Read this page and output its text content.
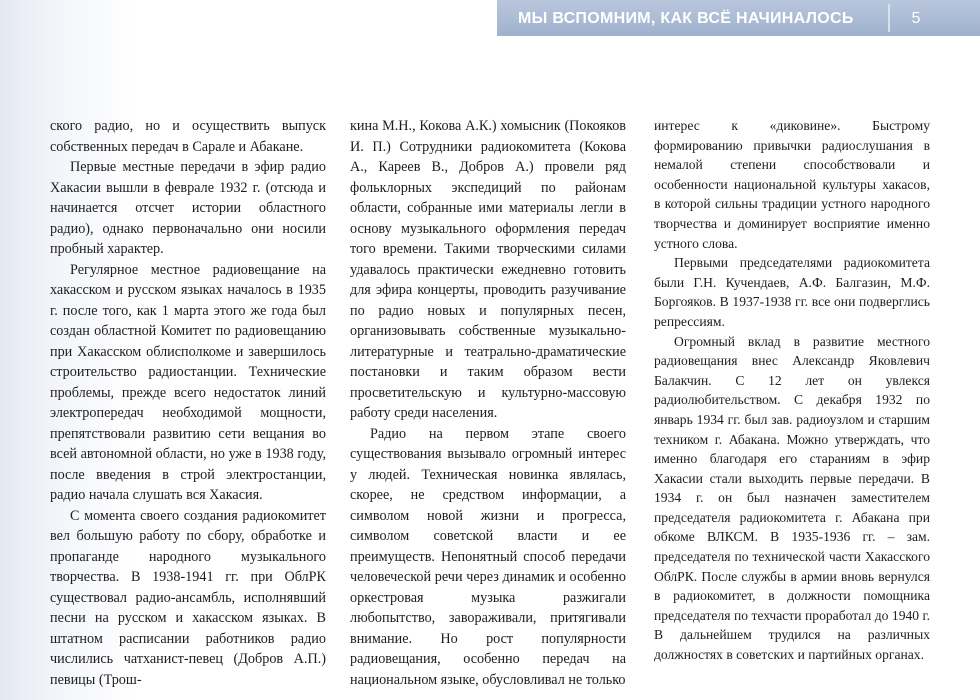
МЫ ВСПОМНИМ, КАК ВСЁ НАЧИНАЛОСЬ	5

ского радио, но и осуществить выпуск собственных передач в Сарале и Абакане.

Первые местные передачи в эфир радио Хакасии вышли в феврале 1932 г. (отсюда и начинается отсчет истории областного радио), однако первоначально они носили пробный характер.

Регулярное местное радиовещание на хакасском и русском языках началось в 1935 г. после того, как 1 марта этого же года был создан областной Комитет по радиовещанию при Хакасском облисполкоме и завершилось строительство радиостанции. Технические проблемы, прежде всего недостаток линий электропередач необходимой мощности, препятствовали развитию сети вещания во всей автономной области, но уже в 1938 году, после введения в строй электростанции, радио начала слушать вся Хакасия.

С момента своего создания радиокомитет вел большую работу по сбору, обработке и пропаганде народного музыкального творчества. В 1938-1941 гг. при ОблРК существовал радио-ансамбль, исполнявший песни на русском и хакасском языках. В штатном расписании работников радио числились чатханист-певец (Добров А.П.) певицы (Трош-

кина М.Н., Кокова А.К.) хомысник (Покояков И. П.) Сотрудники радиокомитета (Кокова А., Кареев В., Добров А.) провели ряд фольклорных экспедиций по районам области, собранные ими материалы легли в основу музыкального оформления передач того времени. Такими творческими силами удавалось практически ежедневно готовить для эфира концерты, проводить разучивание по радио новых и популярных песен, организовывать собственные музыкально-литературные и театрально-драматические постановки и таким образом вести просветительскую и культурно-массовую работу среди населения.

Радио на первом этапе своего существования вызывало огромный интерес у людей. Техническая новинка являлась, скорее, не средством информации, а символом новой жизни и прогресса, символом советской власти и ее преимуществ. Непонятный способ передачи человеческой речи через динамик и особенно оркестровая музыка разжигали любопытство, завораживали, притягивали внимание. Но рост популярности радиовещания, особенно передач на национальном языке, обусловливал не только

интерес к «диковине». Быстрому формированию привычки радиослушания в немалой степени способствовали и особенности национальной культуры хакасов, в которой сильны традиции устного народного творчества и доминирует восприятие именно устного слова.

Первыми председателями радиокомитета были Г.Н. Кучендаев, А.Ф. Балгазин, М.Ф. Боргояков. В 1937-1938 гг. все они подверглись репрессиям.

Огромный вклад в развитие местного радиовещания внес Александр Яковлевич Балакчин. С 12 лет он увлекся радиолюбительством. С декабря 1932 по январь 1934 гг. был зав. радиоузлом и старшим техником г. Абакана. Можно утверждать, что именно благодаря его стараниям в эфир Хакасии стали выходить первые передачи. В 1934 г. он был назначен заместителем председателя радиокомитета г. Абакана при обкоме ВЛКСМ. В 1935-1936 гг. – зам. председателя по технической части Хакасского ОблРК. После службы в армии вновь вернулся в радиокомитет, в должности помощника председателя по техчасти проработал до 1940 г. В дальнейшем трудился на различных должностях в советских и партийных органах.
